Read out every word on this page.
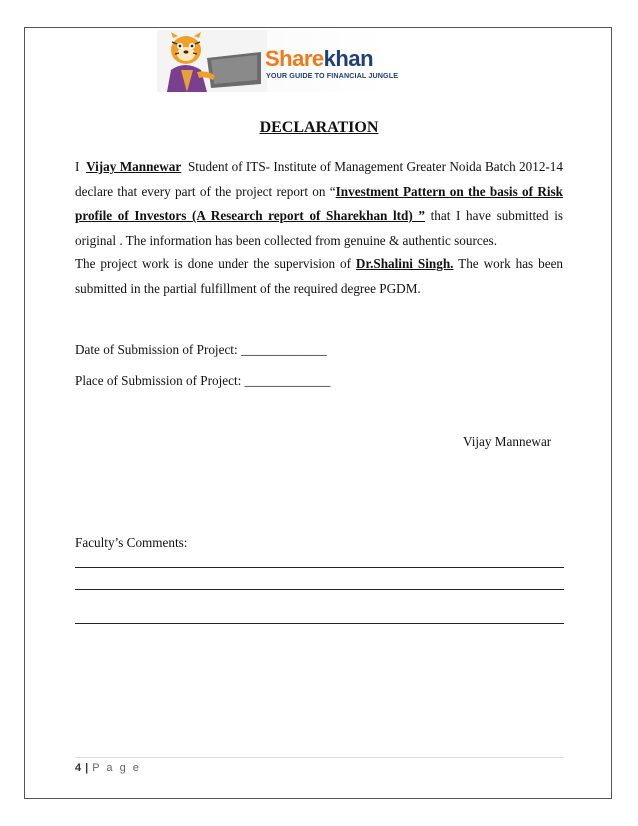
Sharekhan
YOUR GUIDE TO FINANCIAL JUNGLE
DECLARATION
I Vijay Mannewar Student of ITS- Institute of Management Greater Noida Batch 2012-14 declare that every part of the project report on “Investment Pattern on the basis of Risk profile of Investors (A Research report of Sharekhan ltd) ” that I have submitted is original . The information has been collected from genuine & authentic sources.
The project work is done under the supervision of Dr.Shalini Singh. The work has been submitted in the partial fulfillment of the required degree PGDM.
Date of Submission of Project: _____________
Place of Submission of Project: _____________
Vijay Mannewar
Faculty’s Comments:
4 | P a g e
